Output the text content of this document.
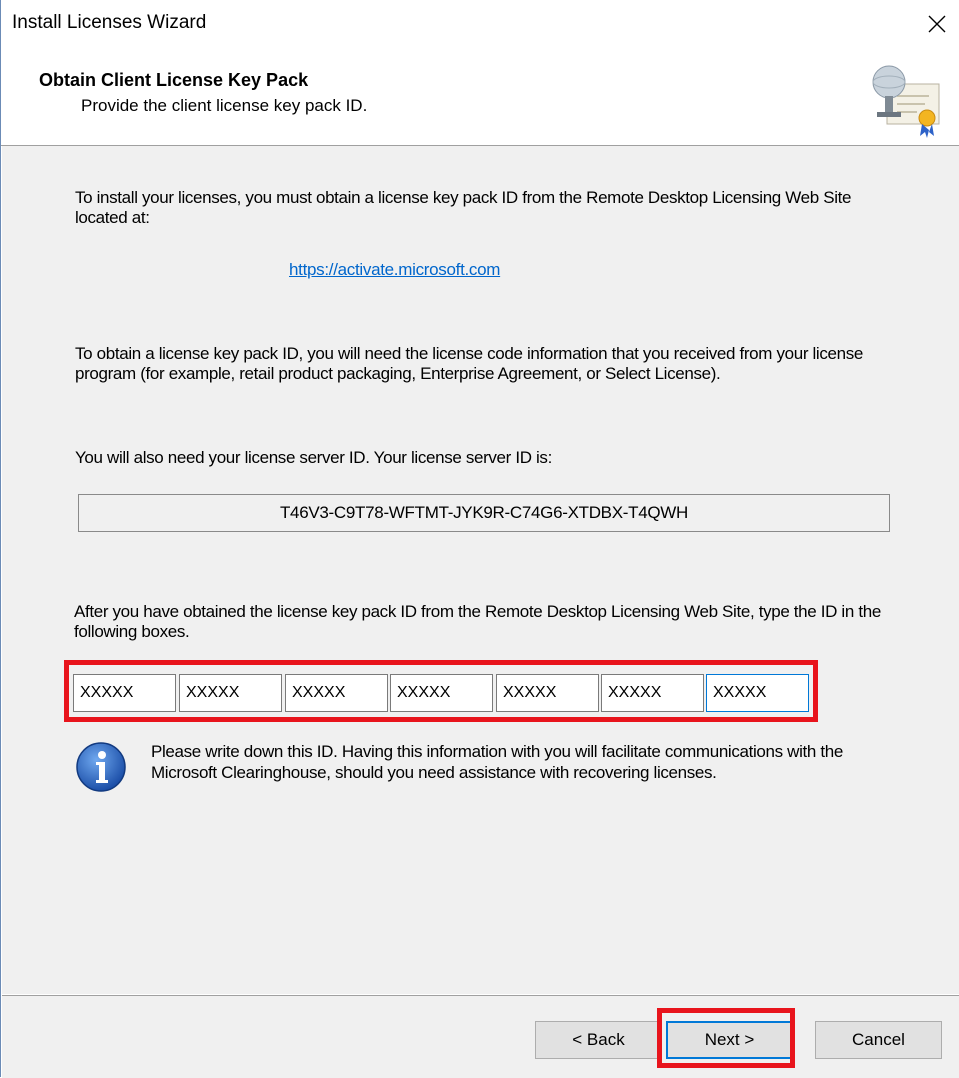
Install Licenses Wizard
Obtain Client License Key Pack
Provide the client license key pack ID.
To install your licenses, you must obtain a license key pack ID from the Remote Desktop Licensing Web Site located at:
https://activate.microsoft.com
To obtain a license key pack ID, you will need the license code information that you received from your license program (for example, retail product packaging, Enterprise Agreement, or Select License).
You will also need your license server ID. Your license server ID is:
T46V3-C9T78-WFTMT-JYK9R-C74G6-XTDBX-T4QWH
After you have obtained the license key pack ID from the Remote Desktop Licensing Web Site, type the ID in the following boxes.
XXXXX
XXXXX
XXXXX
XXXXX
XXXXX
XXXXX
XXXXX
Please write down this ID. Having this information with you will facilitate communications with the Microsoft Clearinghouse, should you need assistance with recovering licenses.
< Back	Next >	Cancel
